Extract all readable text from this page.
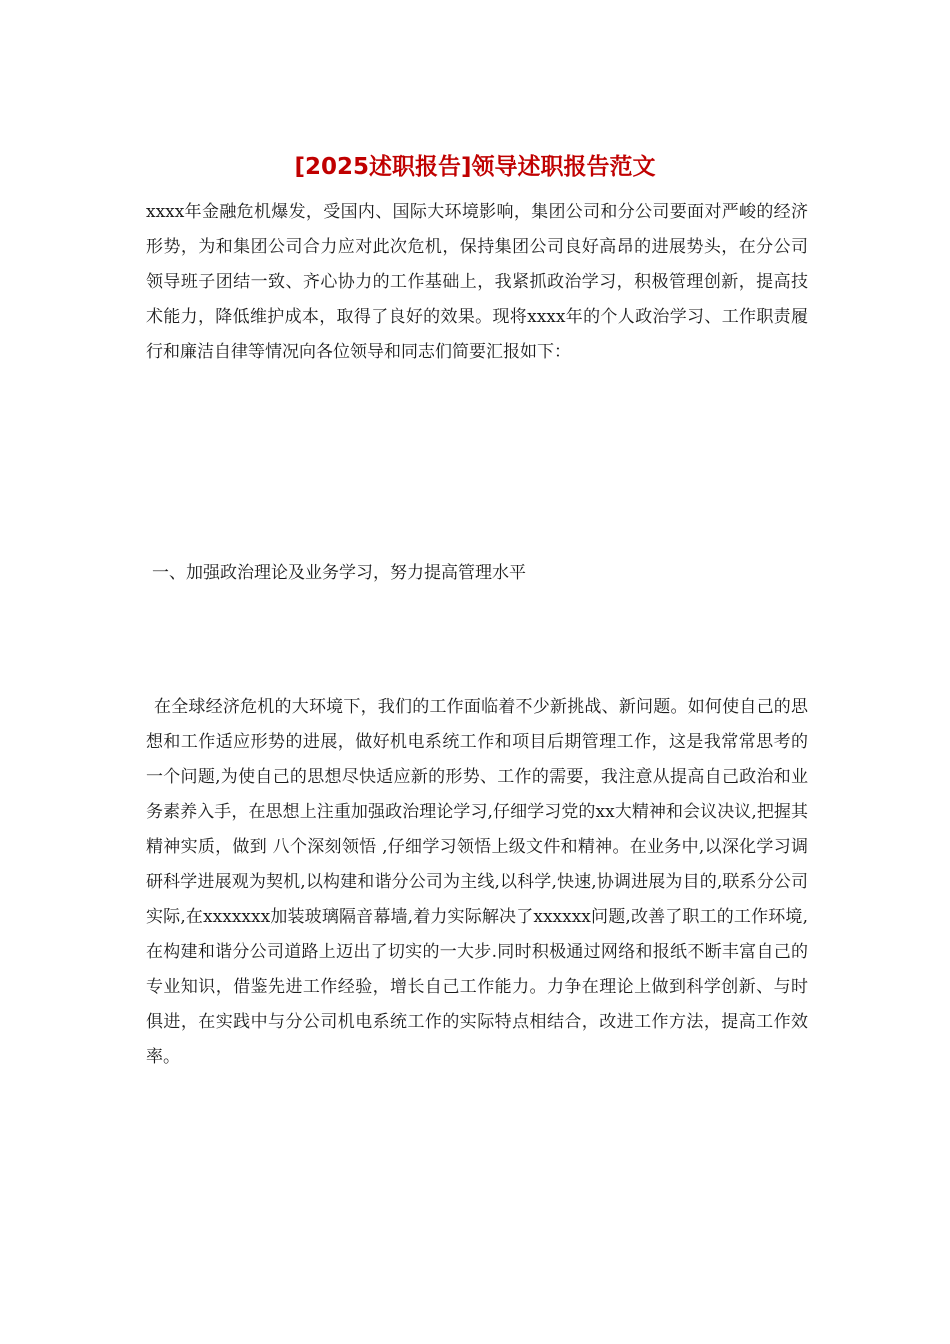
[2025述职报告]领导述职报告范文

xxxx年金融危机爆发，受国内、国际大环境影响，集团公司和分公司要面对严峻的经济形势，为和集团公司合力应对此次危机，保持集团公司良好高昂的进展势头，在分公司领导班子团结一致、齐心协力的工作基础上，我紧抓政治学习，积极管理创新，提高技术能力，降低维护成本，取得了良好的效果。现将xxxx年的个人政治学习、工作职责履行和廉洁自律等情况向各位领导和同志们简要汇报如下：

一、加强政治理论及业务学习，努力提高管理水平

在全球经济危机的大环境下，我们的工作面临着不少新挑战、新问题。如何使自己的思想和工作适应形势的进展，做好机电系统工作和项目后期管理工作，这是我常常思考的一个问题,为使自己的思想尽快适应新的形势、工作的需要，我注意从提高自己政治和业务素养入手，在思想上注重加强政治理论学习,仔细学习党的xx大精神和会议决议,把握其精神实质，做到 八个深刻领悟 ,仔细学习领悟上级文件和精神。在业务中,以深化学习调研科学进展观为契机,以构建和谐分公司为主线,以科学,快速,协调进展为目的,联系分公司实际,在xxxxxxx加装玻璃隔音幕墙,着力实际解决了xxxxxx问题,改善了职工的工作环境,在构建和谐分公司道路上迈出了切实的一大步.同时积极通过网络和报纸不断丰富自己的专业知识，借鉴先进工作经验，增长自己工作能力。力争在理论上做到科学创新、与时俱进，在实践中与分公司机电系统工作的实际特点相结合，改进工作方法，提高工作效率。
